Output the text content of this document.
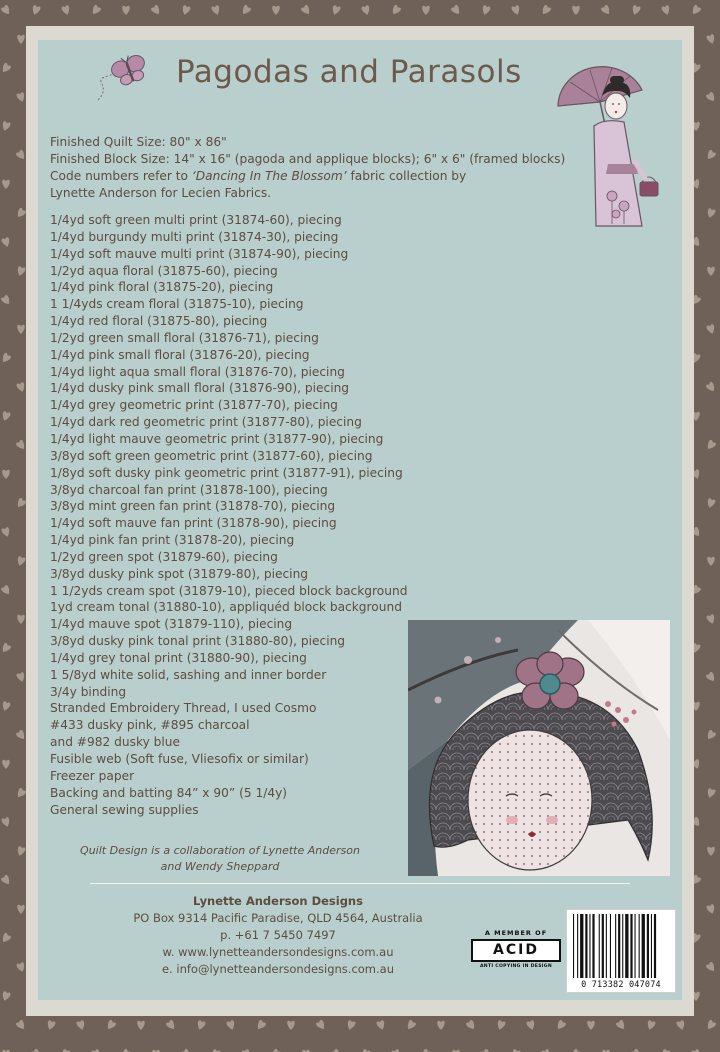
Pagodas and Parasols

Finished Quilt Size: 80" x 86"

Finished Block Size: 14" x 16" (pagoda and applique blocks); 6" x 6" (framed blocks)

Code numbers refer to ‘Dancing In The Blossom’ fabric collection by

Lynette Anderson for Lecien Fabrics.

1/4yd soft green multi print (31874-60), piecing
1/4yd burgundy multi print (31874-30), piecing
1/4yd soft mauve multi print (31874-90), piecing
1/2yd aqua floral (31875-60), piecing
1/4yd pink floral (31875-20), piecing
1 1/4yds cream floral (31875-10), piecing
1/4yd red floral (31875-80), piecing
1/2yd green small floral (31876-71), piecing
1/4yd pink small floral (31876-20), piecing
1/4yd light aqua small floral (31876-70), piecing
1/4yd dusky pink small floral (31876-90), piecing
1/4yd grey geometric print (31877-70), piecing
1/4yd dark red geometric print (31877-80), piecing
1/4yd light mauve geometric print (31877-90), piecing
3/8yd soft green geometric print (31877-60), piecing
1/8yd soft dusky pink geometric print (31877-91), piecing
3/8yd charcoal fan print (31878-100), piecing
3/8yd mint green fan print (31878-70), piecing
1/4yd soft mauve fan print (31878-90), piecing
1/4yd pink fan print (31878-20), piecing
1/2yd green spot (31879-60), piecing
3/8yd dusky pink spot (31879-80), piecing
1 1/2yds cream spot (31879-10), pieced block background
1yd cream tonal (31880-10), appliquéd block background
1/4yd mauve spot (31879-110), piecing
3/8yd dusky pink tonal print (31880-80), piecing
1/4yd grey tonal print (31880-90), piecing
1 5/8yd white solid, sashing and inner border
3/4y binding
Stranded Embroidery Thread, I used Cosmo
#433 dusky pink, #895 charcoal
and #982 dusky blue
Fusible web (Soft fuse, Vliesofix or similar)
Freezer paper
Backing and batting 84” x 90” (5 1/4y)
General sewing supplies
Quilt Design is a collaboration of Lynette Anderson
and Wendy Sheppard
Lynette Anderson Designs
PO Box 9314 Pacific Paradise, QLD 4564, Australia
p. +61 7 5450 7497
w. www.lynetteandersondesigns.com.au
e. info@lynetteandersondesigns.com.au
A MEMBER OF
ACID
ANTI COPYING IN DESIGN
0 713382 047074
